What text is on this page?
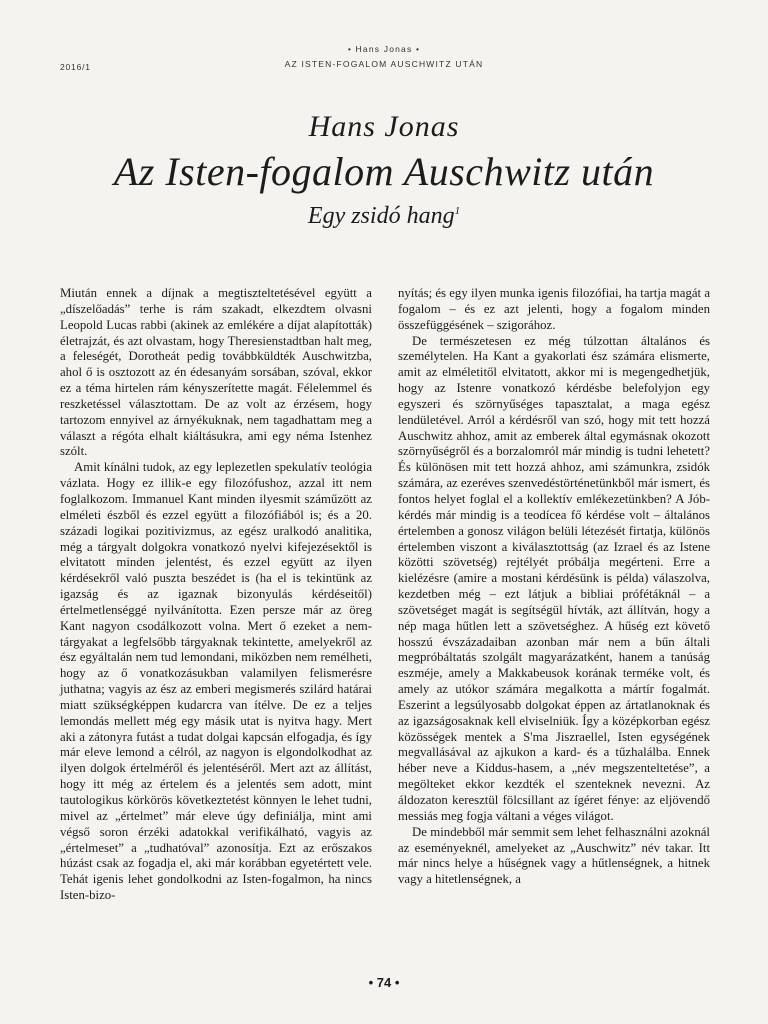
• Hans Jonas •
AZ ISTEN-FOGALOM AUSCHWITZ UTÁN
2016/1
Hans Jonas
Az Isten-fogalom Auschwitz után
Egy zsidó hang$^1$

Miután ennek a díjnak a megtiszteltetésével együtt a „díszelőadás” terhe is rám szakadt, elkezdtem olvasni Leopold Lucas rabbi (akinek az emlékére a díjat alapították) életrajzát, és azt olvastam, hogy Theresienstadtban halt meg, a feleségét, Dorotheát pedig továbbküldték Auschwitzba, ahol ő is osztozott az én édesanyám sorsában, szóval, ekkor ez a téma hirtelen rám kényszerítette magát. Félelemmel és reszketéssel választottam. De az volt az érzésem, hogy tartozom ennyivel az árnyékuknak, nem tagadhattam meg a választ a régóta elhalt kiáltásukra, ami egy néma Istenhez szólt.

Amit kínálni tudok, az egy leplezetlen spekulatív teológia vázlata. Hogy ez illik-e egy filozófushoz, azzal itt nem foglalkozom. Immanuel Kant minden ilyesmit száműzött az elméleti észből és ezzel együtt a filozófiából is; és a 20. századi logikai pozitivizmus, az egész uralkodó analitika, még a tárgyalt dolgokra vonatkozó nyelvi kifejezésektől is elvitatott minden jelentést, és ezzel együtt az ilyen kérdésekről való puszta beszédet is (ha el is tekintünk az igazság és az igaznak bizonyulás kérdéseitől) értelmetlenséggé nyilvánította. Ezen persze már az öreg Kant nagyon csodálkozott volna. Mert ő ezeket a nem-tárgyakat a legfelsőbb tárgyaknak tekintette, amelyekről az ész egyáltalán nem tud lemondani, miközben nem remélheti, hogy az ő vonatkozásukban valamilyen felismerésre juthatna; vagyis az ész az emberi megismerés szilárd határai miatt szükségképpen kudarcra van ítélve. De ez a teljes lemondás mellett még egy másik utat is nyitva hagy. Mert aki a zátonyra futást a tudat dolgai kapcsán elfogadja, és így már eleve lemond a célról, az nagyon is elgondolkodhat az ilyen dolgok értelméről és jelentéséről. Mert azt az állítást, hogy itt még az értelem és a jelentés sem adott, mint tautologikus körkörös következtetést könnyen le lehet tudni, mivel az „értelmet” már eleve úgy definiálja, mint ami végső soron érzéki adatokkal verifikálható, vagyis az „értelmeset” a „tudhatóval” azonosítja. Ezt az erőszakos húzást csak az fogadja el, aki már korábban egyetértett vele. Tehát igenis lehet gondolkodni az Isten-fogalmon, ha nincs Isten-bizo-

nyítás; és egy ilyen munka igenis filozófiai, ha tartja magát a fogalom – és ez azt jelenti, hogy a fogalom minden összefüggésének – szigorához.

De természetesen ez még túlzottan általános és személytelen. Ha Kant a gyakorlati ész számára elismerte, amit az elméletitől elvitatott, akkor mi is megengedhetjük, hogy az Istenre vonatkozó kérdésbe belefolyjon egy egyszeri és szörnyűséges tapasztalat, a maga egész lendületével. Arról a kérdésről van szó, hogy mit tett hozzá Auschwitz ahhoz, amit az emberek által egymásnak okozott szörnyűségről és a borzalomról már mindig is tudni lehetett? És különösen mit tett hozzá ahhoz, ami számunkra, zsidók számára, az ezeréves szenvedéstörténetünkből már ismert, és fontos helyet foglal el a kollektív emlékezetünkben? A Jób-kérdés már mindig is a teodícea fő kérdése volt – általános értelemben a gonosz világon belüli létezését firtatja, különös értelemben viszont a kiválasztottság (az Izrael és az Istene közötti szövetség) rejtélyét próbálja megérteni. Erre a kielézésre (amire a mostani kérdésünk is példa) válaszolva, kezdetben még – ezt látjuk a bibliai prófétáknál – a szövetséget magát is segítségül hívták, azt állítván, hogy a nép maga hűtlen lett a szövetséghez. A hűség ezt követő hosszú évszázadaiban azonban már nem a bűn általi megpróbáltatás szolgált magyarázatként, hanem a tanúság eszméje, amely a Makkabeusok korának terméke volt, és amely az utókor számára megalkotta a mártír fogalmát. Eszerint a legsúlyosabb dolgokat éppen az ártatlanoknak és az igazságosaknak kell elviselniük. Így a középkorban egész közösségek mentek a S'ma Jiszraellel, Isten egységének megvallásával az ajkukon a kard- és a tűzhalálba. Ennek héber neve a Kiddus-hasem, a „név megszenteltetése”, a megölteket ekkor kezdték el szenteknek nevezni. Az áldozaton keresztül fölcsillant az ígéret fénye: az eljövendő messiás meg fogja váltani a véges világot.

De mindebből már semmit sem lehet felhasználni azoknál az eseményeknél, amelyeket az „Auschwitz” név takar. Itt már nincs helye a hűségnek vagy a hűtlenségnek, a hitnek vagy a hitetlenségnek, a

• 74 •
